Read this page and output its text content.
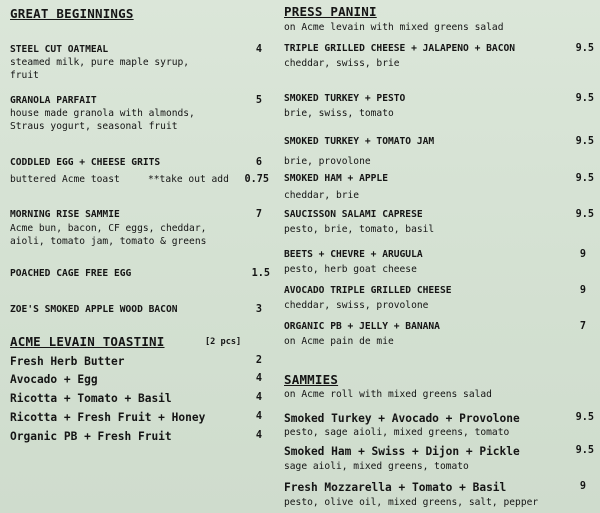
GREAT BEGINNINGS
STEEL CUT OATMEAL	4
steamed milk, pure maple syrup,
fruit
GRANOLA PARFAIT	5
house made granola with almonds,
Straus yogurt, seasonal fruit
CODDLED EGG + CHEESE GRITS	6
buttered Acme toast	**take out add 0.75
MORNING RISE SAMMIE	7
Acme bun, bacon, CF eggs, cheddar,
aioli, tomato jam, tomato & greens
POACHED CAGE FREE EGG	1.5
ZOE'S SMOKED APPLE WOOD BACON	3
ACME LEVAIN TOASTINI	[2 pcs]
Fresh Herb Butter	2
Avocado + Egg	4
Ricotta + Tomato + Basil	4
Ricotta + Fresh Fruit + Honey	4
Organic PB + Fresh Fruit	4
PRESS PANINI
on Acme levain with mixed greens salad
TRIPLE GRILLED CHEESE + JALAPENO + BACON	9.5
cheddar, swiss, brie
SMOKED TURKEY + PESTO	9.5
brie, swiss, tomato
SMOKED TURKEY + TOMATO JAM	9.5
brie, provolone
SMOKED HAM + APPLE	9.5
cheddar, brie
SAUCISSON SALAMI CAPRESE	9.5
pesto, brie, tomato, basil
BEETS + CHEVRE + ARUGULA	9
pesto, herb goat cheese
AVOCADO TRIPLE GRILLED CHEESE	9
cheddar, swiss, provolone
ORGANIC PB + JELLY + BANANA	7
on Acme pain de mie
SAMMIES
on Acme roll with mixed greens salad
Smoked Turkey + Avocado + Provolone	9.5
pesto, sage aioli, mixed greens, tomato
Smoked Ham + Swiss + Dijon + Pickle	9.5
sage aioli, mixed greens, tomato
Fresh Mozzarella + Tomato + Basil	9
pesto, olive oil, mixed greens, salt, pepper
